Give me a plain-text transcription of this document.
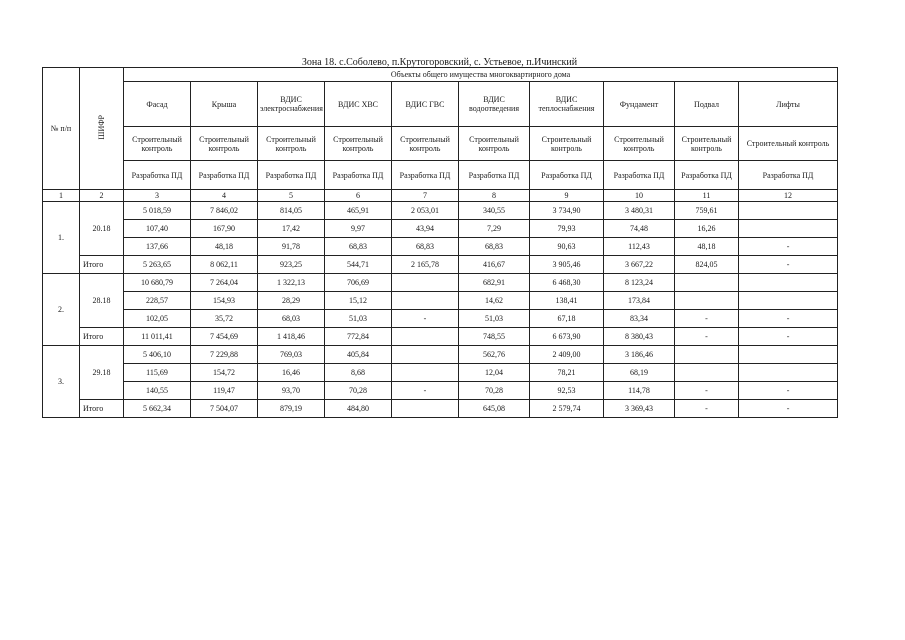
Зона 18. с.Соболево, п.Крутогоровский, с. Устьевое, п.Ичинский
№ п/п	ШИФР	Объекты общего имущества многоквартирного дома									
		Фасад	Крыша	ВДИС электроснабжения	ВДИС ХВС	ВДИС ГВС	ВДИС водоотведения	ВДИС теплоснабжения	Фундамент	Подвал	Лифты
		Строительный контроль	Строительный контроль	Строительный контроль	Строительный контроль	Строительный контроль	Строительный контроль	Строительный контроль	Строительный контроль	Строительный контроль	Строительный контроль
		Разработка ПД	Разработка ПД	Разработка ПД	Разработка ПД	Разработка ПД	Разработка ПД	Разработка ПД	Разработка ПД	Разработка ПД	Разработка ПД
1	2	3	4	5	6	7	8	9	10	11	12
1.	20.18	5 018,59	7 846,02	814,05	465,91	2 053,01	340,55	3 734,90	3 480,31	759,61	
		107,40	167,90	17,42	9,97	43,94	7,29	79,93	74,48	16,26	
		137,66	48,18	91,78	68,83	68,83	68,83	90,63	112,43	48,18	-
	Итого	5 263,65	8 062,11	923,25	544,71	2 165,78	416,67	3 905,46	3 667,22	824,05	-
2.	28.18	10 680,79	7 264,04	1 322,13	706,69		682,91	6 468,30	8 123,24		
		228,57	154,93	28,29	15,12		14,62	138,41	173,84		
		102,05	35,72	68,03	51,03	-	51,03	67,18	83,34	-	-
	Итого	11 011,41	7 454,69	1 418,46	772,84		748,55	6 673,90	8 380,43	-	-
3.	29.18	5 406,10	7 229,88	769,03	405,84		562,76	2 409,00	3 186,46		
		115,69	154,72	16,46	8,68		12,04	78,21	68,19		
		140,55	119,47	93,70	70,28	-	70,28	92,53	114,78	-	-
	Итого	5 662,34	7 504,07	879,19	484,80		645,08	2 579,74	3 369,43	-	-
